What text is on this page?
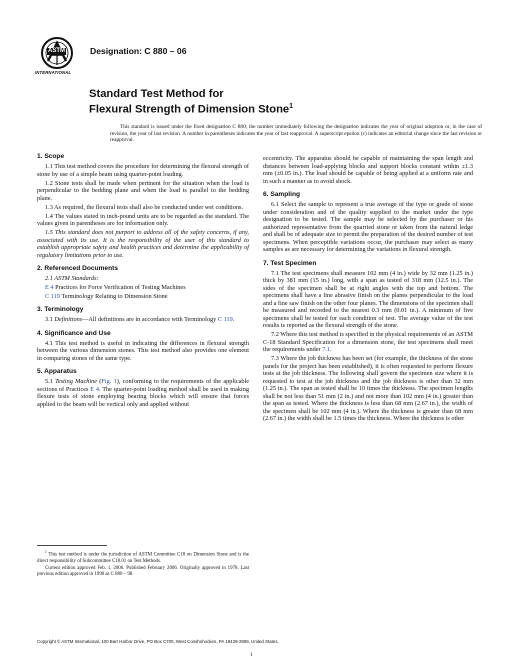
ASTM
INTERNATIONAL
Designation: C 880 – 06
Standard Test Method for
Flexural Strength of Dimension Stone$^1$

This standard is issued under the fixed designation C 880; the number immediately following the designation indicates the year of original adoption or, in the case of revision, the year of last revision. A number in parentheses indicates the year of last reapproval. A superscript epsilon (ε) indicates an editorial change since the last revision or reapproval.

1. Scope

1.1 This test method covers the procedure for determining the flexural strength of stone by use of a simple beam using quarter-point loading.

1.2 Stone tests shall be made when pertinent for the situation when the load is perpendicular to the bedding plane and when the load is parallel to the bedding plane.

1.3 As required, the flexural tests shall also be conducted under wet conditions.

1.4 The values stated in inch-pound units are to be regarded as the standard. The values given in parentheses are for information only.

1.5 This standard does not purport to address all of the safety concerns, if any, associated with its use. It is the responsibility of the user of this standard to establish appropriate safety and health practices and determine the applicability of regulatory limitations prior to use.

2. Referenced Documents

2.1 ASTM Standards:

E 4 Practices for Force Verification of Testing Machines

C 119 Terminology Relating to Dimension Stone

3. Terminology

3.1 Definitions—All definitions are in accordance with Terminology C 119.

4. Significance and Use

4.1 This test method is useful in indicating the differences in flexural strength between the various dimension stones. This test method also provides one element in comparing stones of the same type.

5. Apparatus

5.1 Testing Machine (Fig. 1), conforming to the requirements of the applicable sections of Practices E 4. The quarter-point loading method shall be used in making flexure tests of stone employing bearing blocks which will ensure that forces applied to the beam will be vertical only and applied without

eccentricity. The apparatus should be capable of maintaining the span length and distances between load-applying blocks and support blocks constant within ±1.3 mm (±0.05 in.). The load should be capable of being applied at a uniform rate and in such a manner as to avoid shock.

6. Sampling

6.1 Select the sample to represent a true average of the type or grade of stone under consideration and of the quality supplied to the market under the type designation to be tested. The sample may be selected by the purchaser or his authorized representative from the quarried stone or taken from the natural ledge and shall be of adequate size to permit the preparation of the desired number of test specimens. When perceptible variations occur, the purchaser may select as many samples as are necessary for determining the variations in flexural strength.

7. Test Specimen

7.1 The test specimens shall measure 102 mm (4 in.) wide by 32 mm (1.25 in.) thick by 381 mm (15 in.) long, with a span as tested of 318 mm (12.5 in.). The sides of the specimen shall be at right angles with the top and bottom. The specimens shall have a fine abrasive finish on the planes perpendicular to the load and a fine saw finish on the other four planes. The dimensions of the specimen shall be measured and recorded to the nearest 0.3 mm (0.01 in.). A minimum of five specimens shall be tested for each condition of test. The average value of the test results is reported as the flexural strength of the stone.

7.2 Where this test method is specified in the physical requirements of an ASTM C-18 Standard Specification for a dimension stone, the test specimens shall meet the requirements under 7.1.

7.3 Where the job thickness has been set (for example, the thickness of the stone panels for the project has been established), it is often requested to perform flexure tests at the job thickness. The following shall govern the specimen size where it is requested to test at the job thickness and the job thickness is other than 32 mm (1.25 in.). The span as tested shall be 10 times the thickness. The specimen lengths shall be not less than 51 mm (2 in.) and not more than 102 mm (4 in.) greater than the span as tested. Where the thickness is less than 68 mm (2.67 in.), the width of the specimen shall be 102 mm (4 in.). Where the thickness is greater than 68 mm (2.67 in.) the width shall be 1.5 times the thickness. Where the thickness is other

$^1$ This test method is under the jurisdiction of ASTM Committee C18 on Dimension Stone and is the direct responsibility of Subcommittee C18.01 on Test Methods.

Current edition approved Feb. 1, 2006. Published February 2006. Originally approved in 1978. Last previous edition approved in 1998 as C 880 – 98.

Copyright © ASTM International, 100 Barr Harbor Drive, PO Box C700, West Conshohocken, PA 19428-2959, United States.
1
